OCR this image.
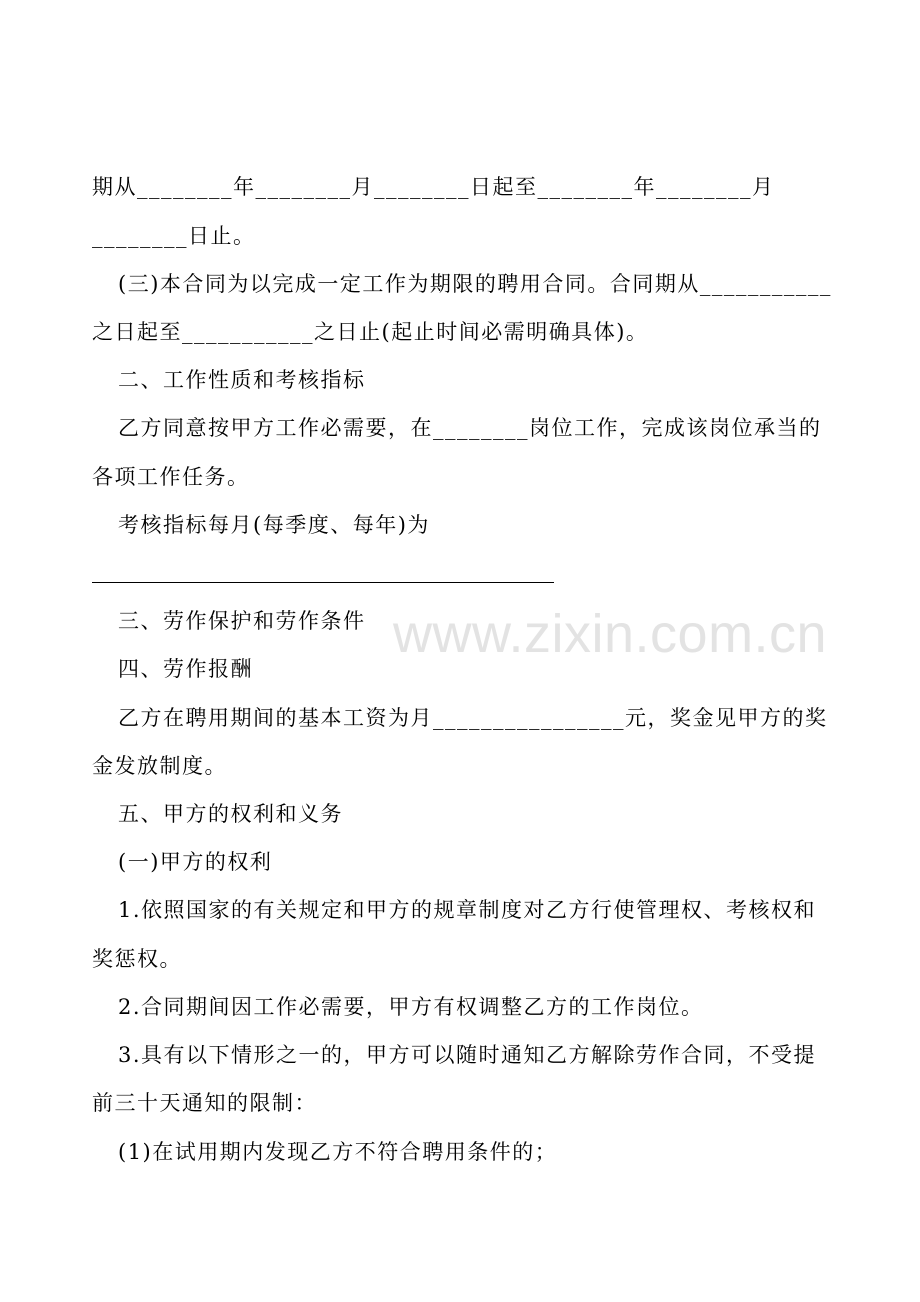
www.zixin.com.cn
期从________年________月________日起至________年________月
________日止。
(三)本合同为以完成一定工作为期限的聘用合同。合同期从___________
之日起至___________之日止(起止时间必需明确具体)。
二、工作性质和考核指标
乙方同意按甲方工作必需要，在________岗位工作，完成该岗位承当的
各项工作任务。
考核指标每月(每季度、每年)为
三、劳作保护和劳作条件
四、劳作报酬
乙方在聘用期间的基本工资为月________________元，奖金见甲方的奖
金发放制度。
五、甲方的权利和义务
(一)甲方的权利
1.依照国家的有关规定和甲方的规章制度对乙方行使管理权、考核权和
奖惩权。
2.合同期间因工作必需要，甲方有权调整乙方的工作岗位。
3.具有以下情形之一的，甲方可以随时通知乙方解除劳作合同，不受提
前三十天通知的限制：
(1)在试用期内发现乙方不符合聘用条件的；
